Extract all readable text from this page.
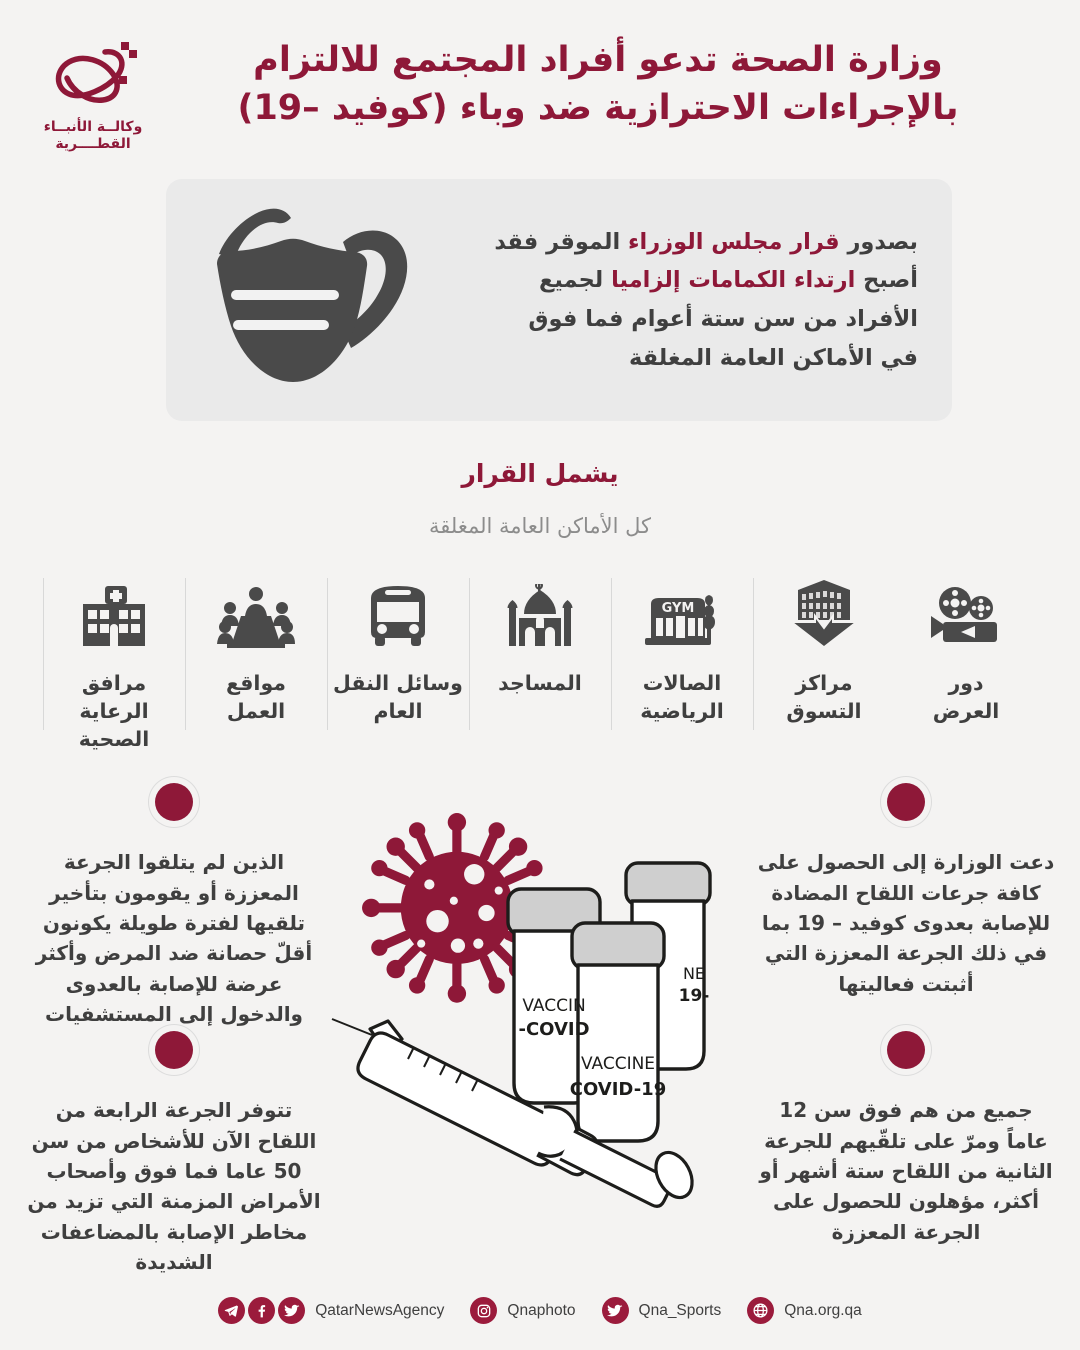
وزارة الصحة تدعو أفراد المجتمع للالتزام
بالإجراءات الاحترازية ضد وباء (كوفيد –19)
وكالــة الأنبــاء
القطــــرية
بصدور قرار مجلس الوزراء الموقر فقد
أصبح ارتداء الكمامات إلزاميا لجميع
الأفراد من سن ستة أعوام فما فوق
في الأماكن العامة المغلقة
يشمل القرار
كل الأماكن العامة المغلقة
مرافق الرعاية
الصحية
مواقع
العمل
وسائل النقل
العام
المساجد
GYM
الصالات
الرياضية
مراكز
التسوق
دور
العرض
دعت الوزارة إلى الحصول على كافة جرعات اللقاح المضادة للإصابة بعدوى كوفيد – 19 بما في ذلك الجرعة المعززة التي أثبتت فعاليتها
جميع من هم فوق سن 12 عاماً ومرّ على تلقّيهم للجرعة الثانية من اللقاح ستة أشهر أو أكثر، مؤهلون للحصول على الجرعة المعززة
الذين لم يتلقوا الجرعة المعززة أو يقومون بتأخير تلقيها لفترة طويلة يكونون أقلّ حصانة ضد المرض وأكثر عرضة للإصابة بالعدوى والدخول إلى المستشفيات
تتوفر الجرعة الرابعة من اللقاح الآن للأشخاص من سن 50 عاما فما فوق وأصحاب الأمراض المزمنة التي تزيد من مخاطر الإصابة بالمضاعفات الشديدة
VACCIN
COVID-
VACCINE
COVID-19
NE
-19
QatarNewsAgency	Qnaphoto	Qna_Sports	Qna.org.qa
